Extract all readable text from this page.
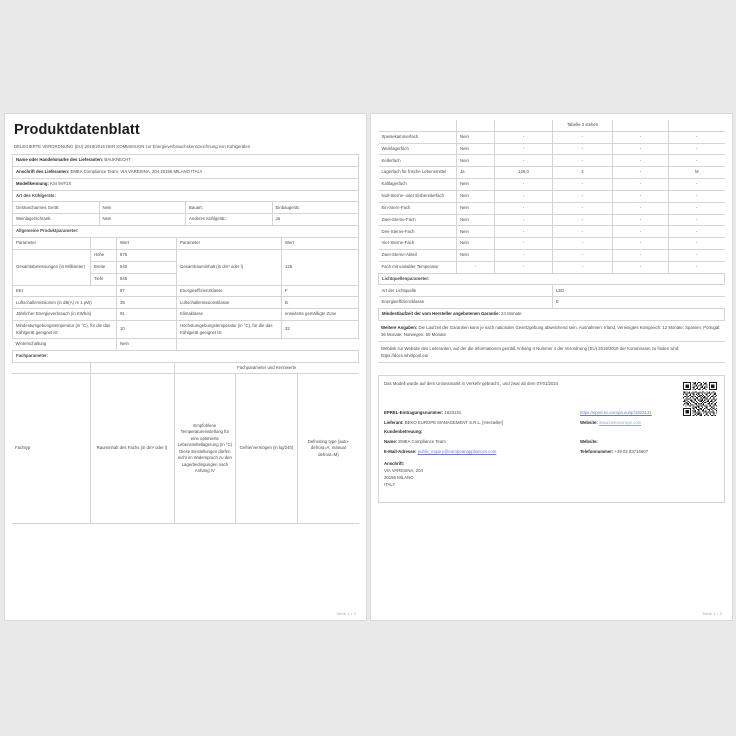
Produktdatenblatt
DELEGIERTE VERORDNUNG (EU) 2019/2016 DER KOMMISSION zur Energieverbrauchskennzeichnung von Kühlgeräten
Name oder Handelsmarke des Lieferanten: BAUKNECHT			
Anschrift des Lieferanten: EMEA Compliance Team, VIA VARESINA, 204 20156 MILANO ITALY			
Modellkennung: KSI 9VF2X			
Art des Kühlgeräts:			
Geräuscharmes Gerät	Nein	Bauart:	Einbaugerät
Weinlagerschrank:	Nein	Anderes Kühlgerät:	Ja
Allgemeine Produktparameter:			
Parameter		Wert	Parameter	Wert
Gesamtabmessungen (in Millimeter)	Höhe	875	Gesamtrauminhalt (in dm³ oder l)	126
	Breite	540		
	Tiefe	545		
EEI		97	Energieeffizienzklasse	F
Luftschallemissionen (in dB(A) re 1 pW)		35	Luftschallemissionsklasse	B
Jährlicher Energieverbrauch (in KWh/a)		91	Klimaklasse	erweiterte gemäßigte Zone
Mindestumgebungstemperatur (in °C), für die das Kühlgerät geeignet ist		10	Höchstumgebungstemperatur (in °C), für die das Kühlgerät geeignet ist	32
Winterschaltung		Nein		
Fachparameter:				
		Fachparameter und Kennwerte		
Fachtyp	Rauminhalt des Fachs (in dm³ oder l)	Empfohlene Temperatureinstellung für eine optimierte Lebensmittellagerung (in °C) Diese Einstellungen dürfen nicht im Widerspruch zu den Lagerbedingungen nach Anhang IV	Gefriervermögen (in kg/24h)	Defrosting type (auto-defrost=A, manual defrost=M)
Seite 1 / 2
			Tabelle 3 stehen		
Speisekammerfach	Nein	-	-	-	-
Weinlagerfach	Nein	-	-	-	-
Kellerfach	Nein	-	-	-	-
Lagerfach für frische Lebensmittel	Ja	126,0	4	-	M
Kaltlagerfach	Nein	-	-	-	-
Null-Sterne- oder Eisbereiterfach	Nein	-	-	-	-
Ein-Stern-Fach	Nein	-	-	-	-
Zwei-Sterne-Fach	Nein	-	-	-	-
Drei-Sterne-Fach	Nein	-	-	-	-
Vier-Sterne-Fach	Nein	-	-	-	-
Zwei-Sterne-Abteil	Nein	-	-	-	-
Fach mit variabler Temperatur	-	-	-	-	-
Lichtquellenparameter:					
Art der Lichtquelle			LED		
Energieeffizienzklasse			E		
Mindestlaufzeit der vom Hersteller angebotenen Garantie: 24 Monate					
Weitere Angaben: Die Laufzeit der Garantien kann je nach nationaler Gesetzgebung abweichend sein. Ausnahmen: Irland, Vereinigtes Königreich: 12 Monate; Spanien, Portugal: 36 Monate; Norwegen: 60 Monate
Weblink zur Website des Lieferanten, auf der die Informationen gemäß Anhang II Nummer 4 der Verordnung (EU) 2019/2019 der Kommission zu finden sind: https://docs.whirlpool.eu/
Das Modell wurde auf dem Unionsmarkt in Verkehr gebracht , und zwar ab dem 07/01/2024
EPREL-Eintragungsnummer: 1823131	https://eprel.ec.europa.eu/qr/1823131
Lieferant: BEKO EUROPE MANAGEMENT S.R.L. [Hersteller]	Website: www.bekoeurope.com
Kundenbetreuung:
Name: EMEA Compliance Team	Website:
E-Mail-Adresse: public_inquiry@europeanappliances.com	Telefonnummer: +39 02 83715807
Anschrift:
VIA VARESINA, 204
20156 MILANO
ITALY
Seite 2 / 2
